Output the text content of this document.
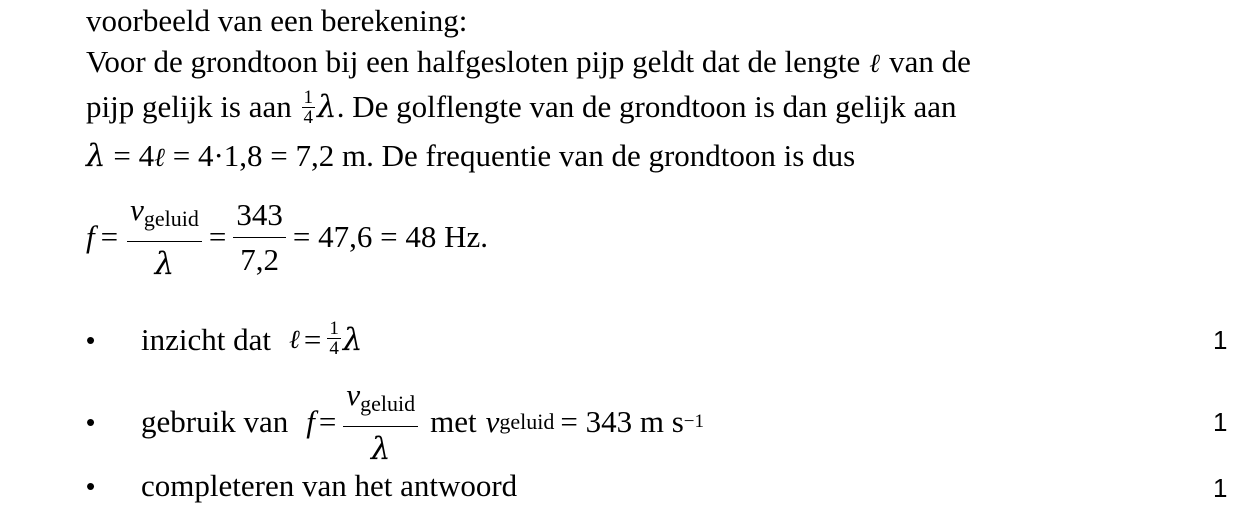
voorbeeld van een berekening:
Voor de grondtoon bij een halfgesloten pijp geldt dat de lengte ℓ van de
pijp gelijk is aan $\frac{1}{4} \lambda$. De golflengte van de grondtoon is dan gelijk aan
λ = 4ℓ = 4·1,8 = 7,2 m. De frequentie van de grondtoon is dus
$f = \frac{v_{geluid}}{\lambda} = \frac{343}{7,2} = 47,6 = 48$ Hz.
•	inzicht dat ℓ = $\frac{1}{4}$ λ	1
•	gebruik van $f = \frac{v_{geluid}}{\lambda}$ met v geluid = 343 m s −1	1
•	completeren van het antwoord	1
